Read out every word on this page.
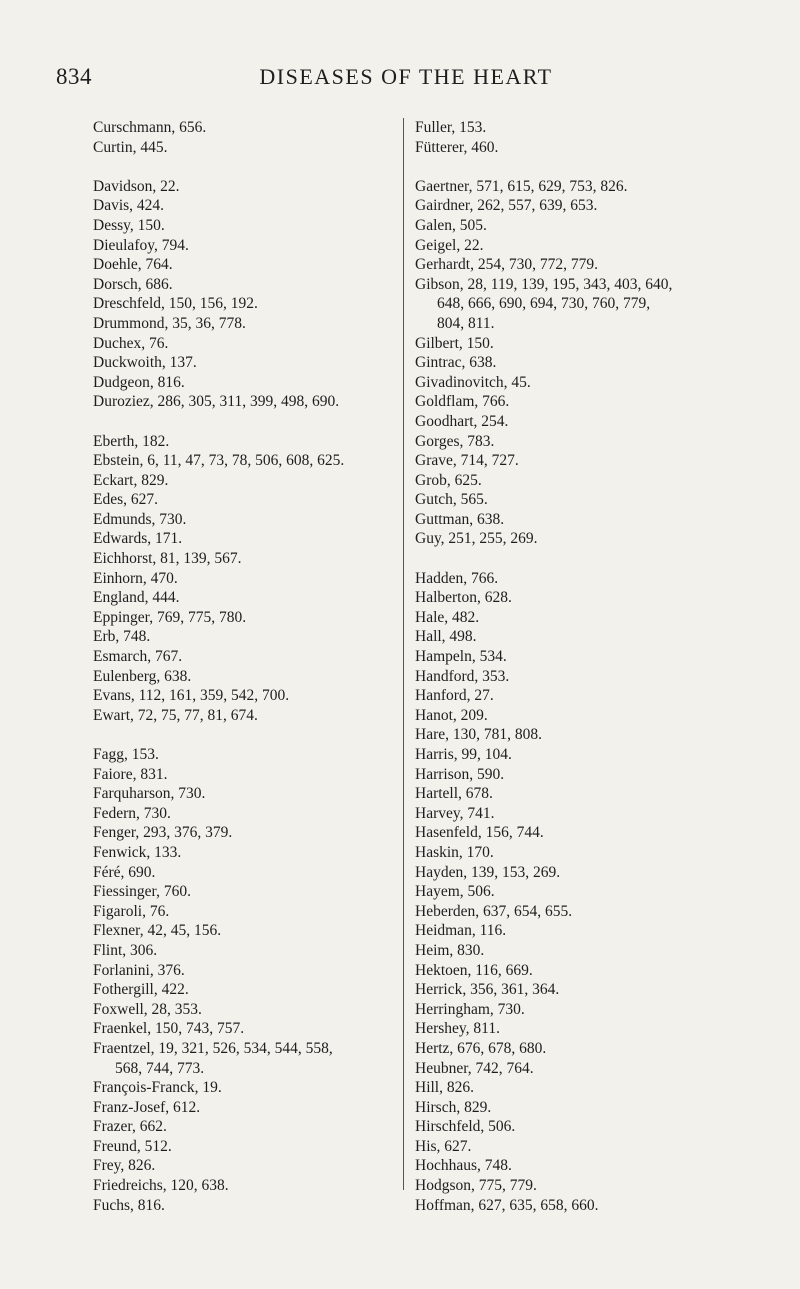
834	DISEASES OF THE HEART
Curschmann, 656.
Curtin, 445.
Davidson, 22.
Davis, 424.
Dessy, 150.
Dieulafoy, 794.
Doehle, 764.
Dorsch, 686.
Dreschfeld, 150, 156, 192.
Drummond, 35, 36, 778.
Duchex, 76.
Duckwoith, 137.
Dudgeon, 816.
Duroziez, 286, 305, 311, 399, 498, 690.
Eberth, 182.
Ebstein, 6, 11, 47, 73, 78, 506, 608, 625.
Eckart, 829.
Edes, 627.
Edmunds, 730.
Edwards, 171.
Eichhorst, 81, 139, 567.
Einhorn, 470.
England, 444.
Eppinger, 769, 775, 780.
Erb, 748.
Esmarch, 767.
Eulenberg, 638.
Evans, 112, 161, 359, 542, 700.
Ewart, 72, 75, 77, 81, 674.
Fagg, 153.
Faiore, 831.
Farquharson, 730.
Federn, 730.
Fenger, 293, 376, 379.
Fenwick, 133.
Féré, 690.
Fiessinger, 760.
Figaroli, 76.
Flexner, 42, 45, 156.
Flint, 306.
Forlanini, 376.
Fothergill, 422.
Foxwell, 28, 353.
Fraenkel, 150, 743, 757.
Fraentzel, 19, 321, 526, 534, 544, 558,
568, 744, 773.
François-Franck, 19.
Franz-Josef, 612.
Frazer, 662.
Freund, 512.
Frey, 826.
Friedreichs, 120, 638.
Fuchs, 816.
Fuller, 153.
Fütterer, 460.
Gaertner, 571, 615, 629, 753, 826.
Gairdner, 262, 557, 639, 653.
Galen, 505.
Geigel, 22.
Gerhardt, 254, 730, 772, 779.
Gibson, 28, 119, 139, 195, 343, 403, 640,
648, 666, 690, 694, 730, 760, 779,
804, 811.
Gilbert, 150.
Gintrac, 638.
Givadinovitch, 45.
Goldflam, 766.
Goodhart, 254.
Gorges, 783.
Grave, 714, 727.
Grob, 625.
Gutch, 565.
Guttman, 638.
Guy, 251, 255, 269.
Hadden, 766.
Halberton, 628.
Hale, 482.
Hall, 498.
Hampeln, 534.
Handford, 353.
Hanford, 27.
Hanot, 209.
Hare, 130, 781, 808.
Harris, 99, 104.
Harrison, 590.
Hartell, 678.
Harvey, 741.
Hasenfeld, 156, 744.
Haskin, 170.
Hayden, 139, 153, 269.
Hayem, 506.
Heberden, 637, 654, 655.
Heidman, 116.
Heim, 830.
Hektoen, 116, 669.
Herrick, 356, 361, 364.
Herringham, 730.
Hershey, 811.
Hertz, 676, 678, 680.
Heubner, 742, 764.
Hill, 826.
Hirsch, 829.
Hirschfeld, 506.
His, 627.
Hochhaus, 748.
Hodgson, 775, 779.
Hoffman, 627, 635, 658, 660.
